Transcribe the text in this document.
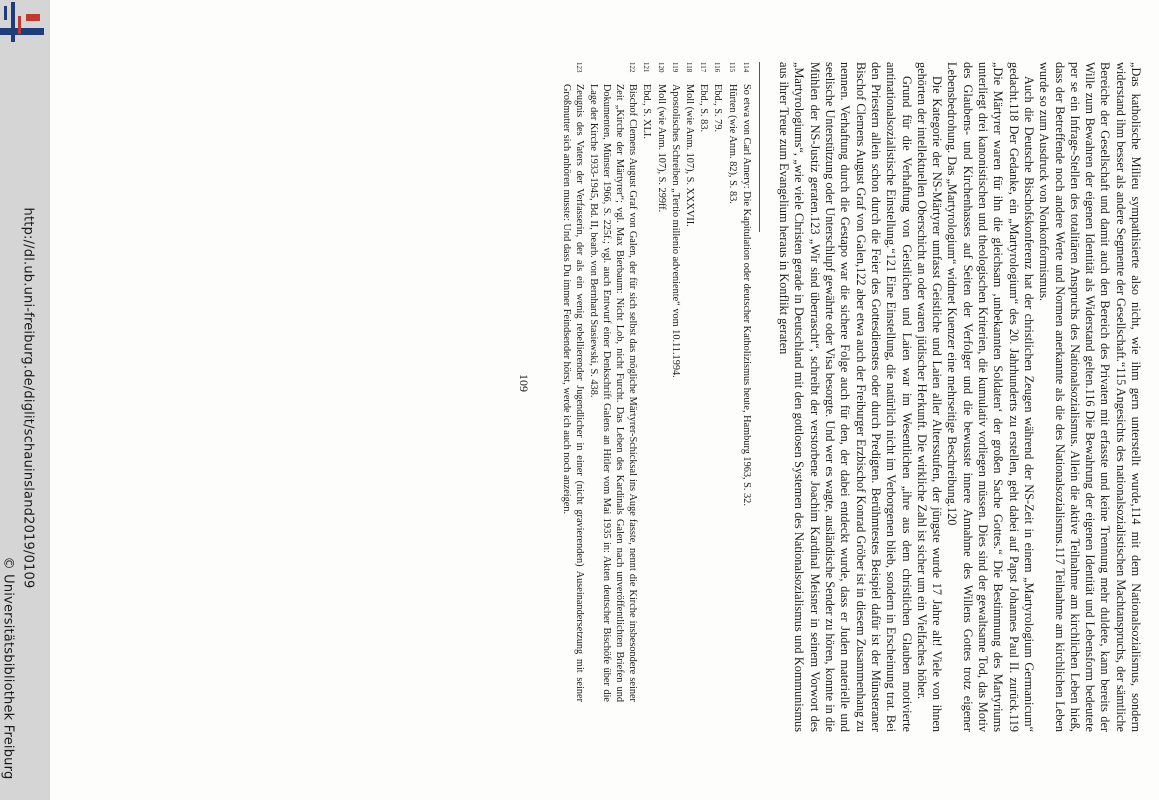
http://dl.ub.uni-freiburg.de/diglit/schauinsland2019/0109
© Universitätsbibliothek Freiburg	„Das katholische Milieu sympathisierte also nicht, wie ihm gern unterstellt wurde,114 mit dem Nationalsozialismus, sondern widerstand ihm besser als andere Segmente der Gesellschaft.“115 Angesichts des nationalsozialistischen Machtanspruchs, der sämtliche Bereiche der Gesellschaft und damit auch den Bereich des Privaten mit erfasste und keine Trennung mehr duldete, kann bereits der Wille zum Bewahren der eigenen Identität als Widerstand gelten.116 Die Bewahrung der eigenen Identität und Lebensform bedeutete per se ein Infrage-Stellen des totalitären Anspruchs des Nationalsozialismus. Allein die aktive Teilnahme am kirchlichen Leben hieß, dass der Betreffende noch andere Werte und Normen anerkannte als die des Nationalsozialismus.117 Teilnahme am kirchlichen Leben wurde so zum Ausdruck von Nonkonformismus.

Auch die Deutsche Bischofskonferenz hat der christlichen Zeugen während der NS-Zeit in einem „Martyrologium Germanicum“ gedacht.118 Der Gedanke, ein „Martyrologium“ des 20. Jahrhunderts zu erstellen, geht dabei auf Papst Johannes Paul II. zurück.119 „Die Märtyrer waren für ihn die gleichsam ‚unbekannten Soldaten‘ der großen Sache Gottes.“ Die Bestimmung des Martyriums unterliegt drei kanonistischen und theologischen Kriterien, die kumulativ vorliegen müssen. Dies sind der gewaltsame Tod, das Motiv des Glaubens- und Kirchenhasses auf Seiten der Verfolger und die bewusste innere Annahme des Willens Gottes trotz eigener Lebensbedrohung. Das „Martyrologium“ widmet Kuenzer eine mehrseitige Beschreibung.120

Die Kategorie der NS-Märtyrer umfasst Geistliche und Laien aller Altersstufen, der jüngste wurde 17 Jahre alt! Viele von ihnen gehörten der intellektuellen Oberschicht an oder waren jüdischer Herkunft. Die wirkliche Zahl ist sicher um ein Vielfaches höher.

Grund für die Verhaftung von Geistlichen und Laien war im Wesentlichen „ihre aus dem christlichen Glauben motivierte antinationalsozialistische Einstellung.“121 Eine Einstellung, die natürlich nicht im Verborgenen blieb, sondern in Erscheinung trat. Bei den Priestern allein schon durch die Feier des Gottesdienstes oder durch Predigten. Berühmtestes Beispiel dafür ist der Münsteraner Bischof Clemens August Graf von Galen,122 aber etwa auch der Freiburger Erzbischof Konrad Gröber ist in diesem Zusammenhang zu nennen. Verhaftung durch die Gestapo war die sichere Folge auch für den, der dabei entdeckt wurde, dass er Juden materielle und seelische Unterstützung oder Unterschlupf gewährte oder Visa besorgte. Und wer es wagte, ausländische Sender zu hören, konnte in die Mühlen der NS-Justiz geraten.123 „Wir sind überrascht“, schreibt der verstorbene Joachim Kardinal Meisner in seinem Vorwort des „Martyrologiums“, „wie viele Christen gerade in Deutschland mit den gottlosen Systemen des Nationalsozialismus und Kommunismus aus ihrer Treue zum Evangelium heraus in Konflikt geraten

114
So etwa von Carl Amery: Die Kapitulation oder deutscher Katholizismus heute, Hamburg 1963, S. 32.
115
Hürten (wie Anm. 82), S. 83.
116
Ebd., S. 79.
117
Ebd., S. 83.
118
Moll (wie Anm. 107), S. XXXVII.
119
Apostolisches Schreiben „Tertio millenio adveniente“ vom 10.11.1994.
120
Moll (wie Anm. 107), S. 299ff.
121
Ebd., S. XLI.
122
Bischof Clemens August Graf von Galen, der für sich selbst das mögliche Märtyrer-Schicksal ins Auge fasste, nennt die Kirche insbesondere seiner Zeit „Kirche der Märtyrer“; vgl. Max Bierbaum: Nicht Lob, nicht Furcht. Das Leben des Kardinals Galen nach unveröffentlichten Briefen und Dokumenten, Münster 1966, S. 225f.; vgl. auch Entwurf einer Denkschrift Galens an Hitler vom Mai 1935 in: Akten deutscher Bischöfe über die Lage der Kirche 1933-1945, Bd. II, bearb. von Bernhard Stasiewski, S. 438.
123
Zeugnis des Vaters der Verfasserin, der als ein wenig rebellierender Jugendlicher in einer (nicht gravierenden) Auseinandersetzung mit seiner Großmutter sich anhören musste: Und dass Du immer Feindsender hörst, werde ich auch noch anzeigen.
109
